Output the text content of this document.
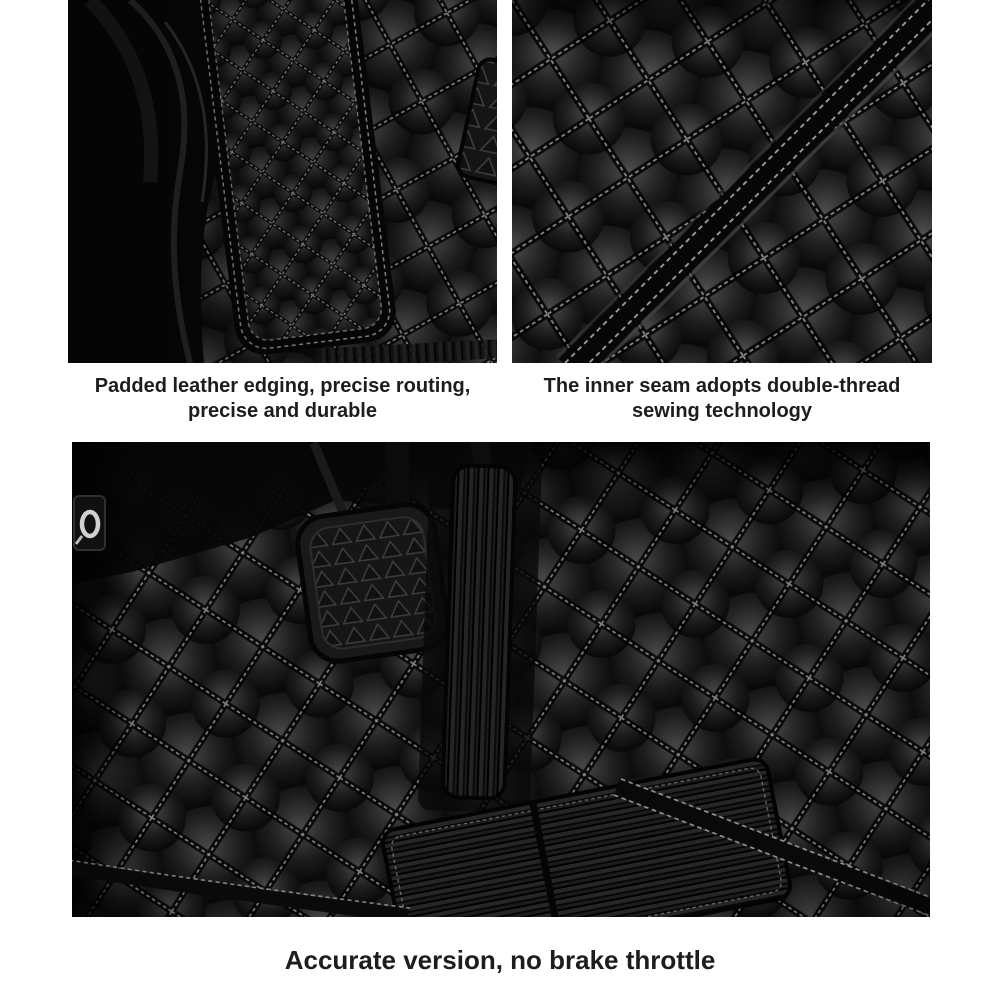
Padded leather edging, precise routing,
precise and durable
The inner seam adopts double-thread
sewing technology
Accurate version, no brake throttle
